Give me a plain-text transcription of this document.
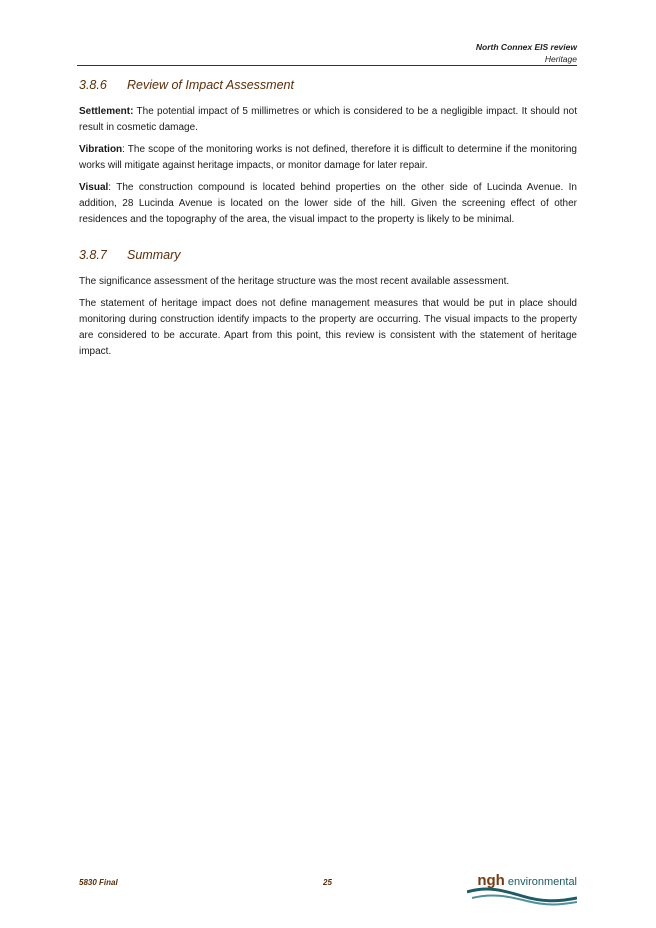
North Connex EIS review
Heritage
3.8.6	Review of Impact Assessment

Settlement: The potential impact of 5 millimetres or which is considered to be a negligible impact. It should not result in cosmetic damage.

Vibration: The scope of the monitoring works is not defined, therefore it is difficult to determine if the monitoring works will mitigate against heritage impacts, or monitor damage for later repair.

Visual: The construction compound is located behind properties on the other side of Lucinda Avenue. In addition, 28 Lucinda Avenue is located on the lower side of the hill. Given the screening effect of other residences and the topography of the area, the visual impact to the property is likely to be minimal.

3.8.7	Summary

The significance assessment of the heritage structure was the most recent available assessment.

The statement of heritage impact does not define management measures that would be put in place should monitoring during construction identify impacts to the property are occurring. The visual impacts to the property are considered to be accurate. Apart from this point, this review is consistent with the statement of heritage impact.

5830 Final	25	ngh environmental
